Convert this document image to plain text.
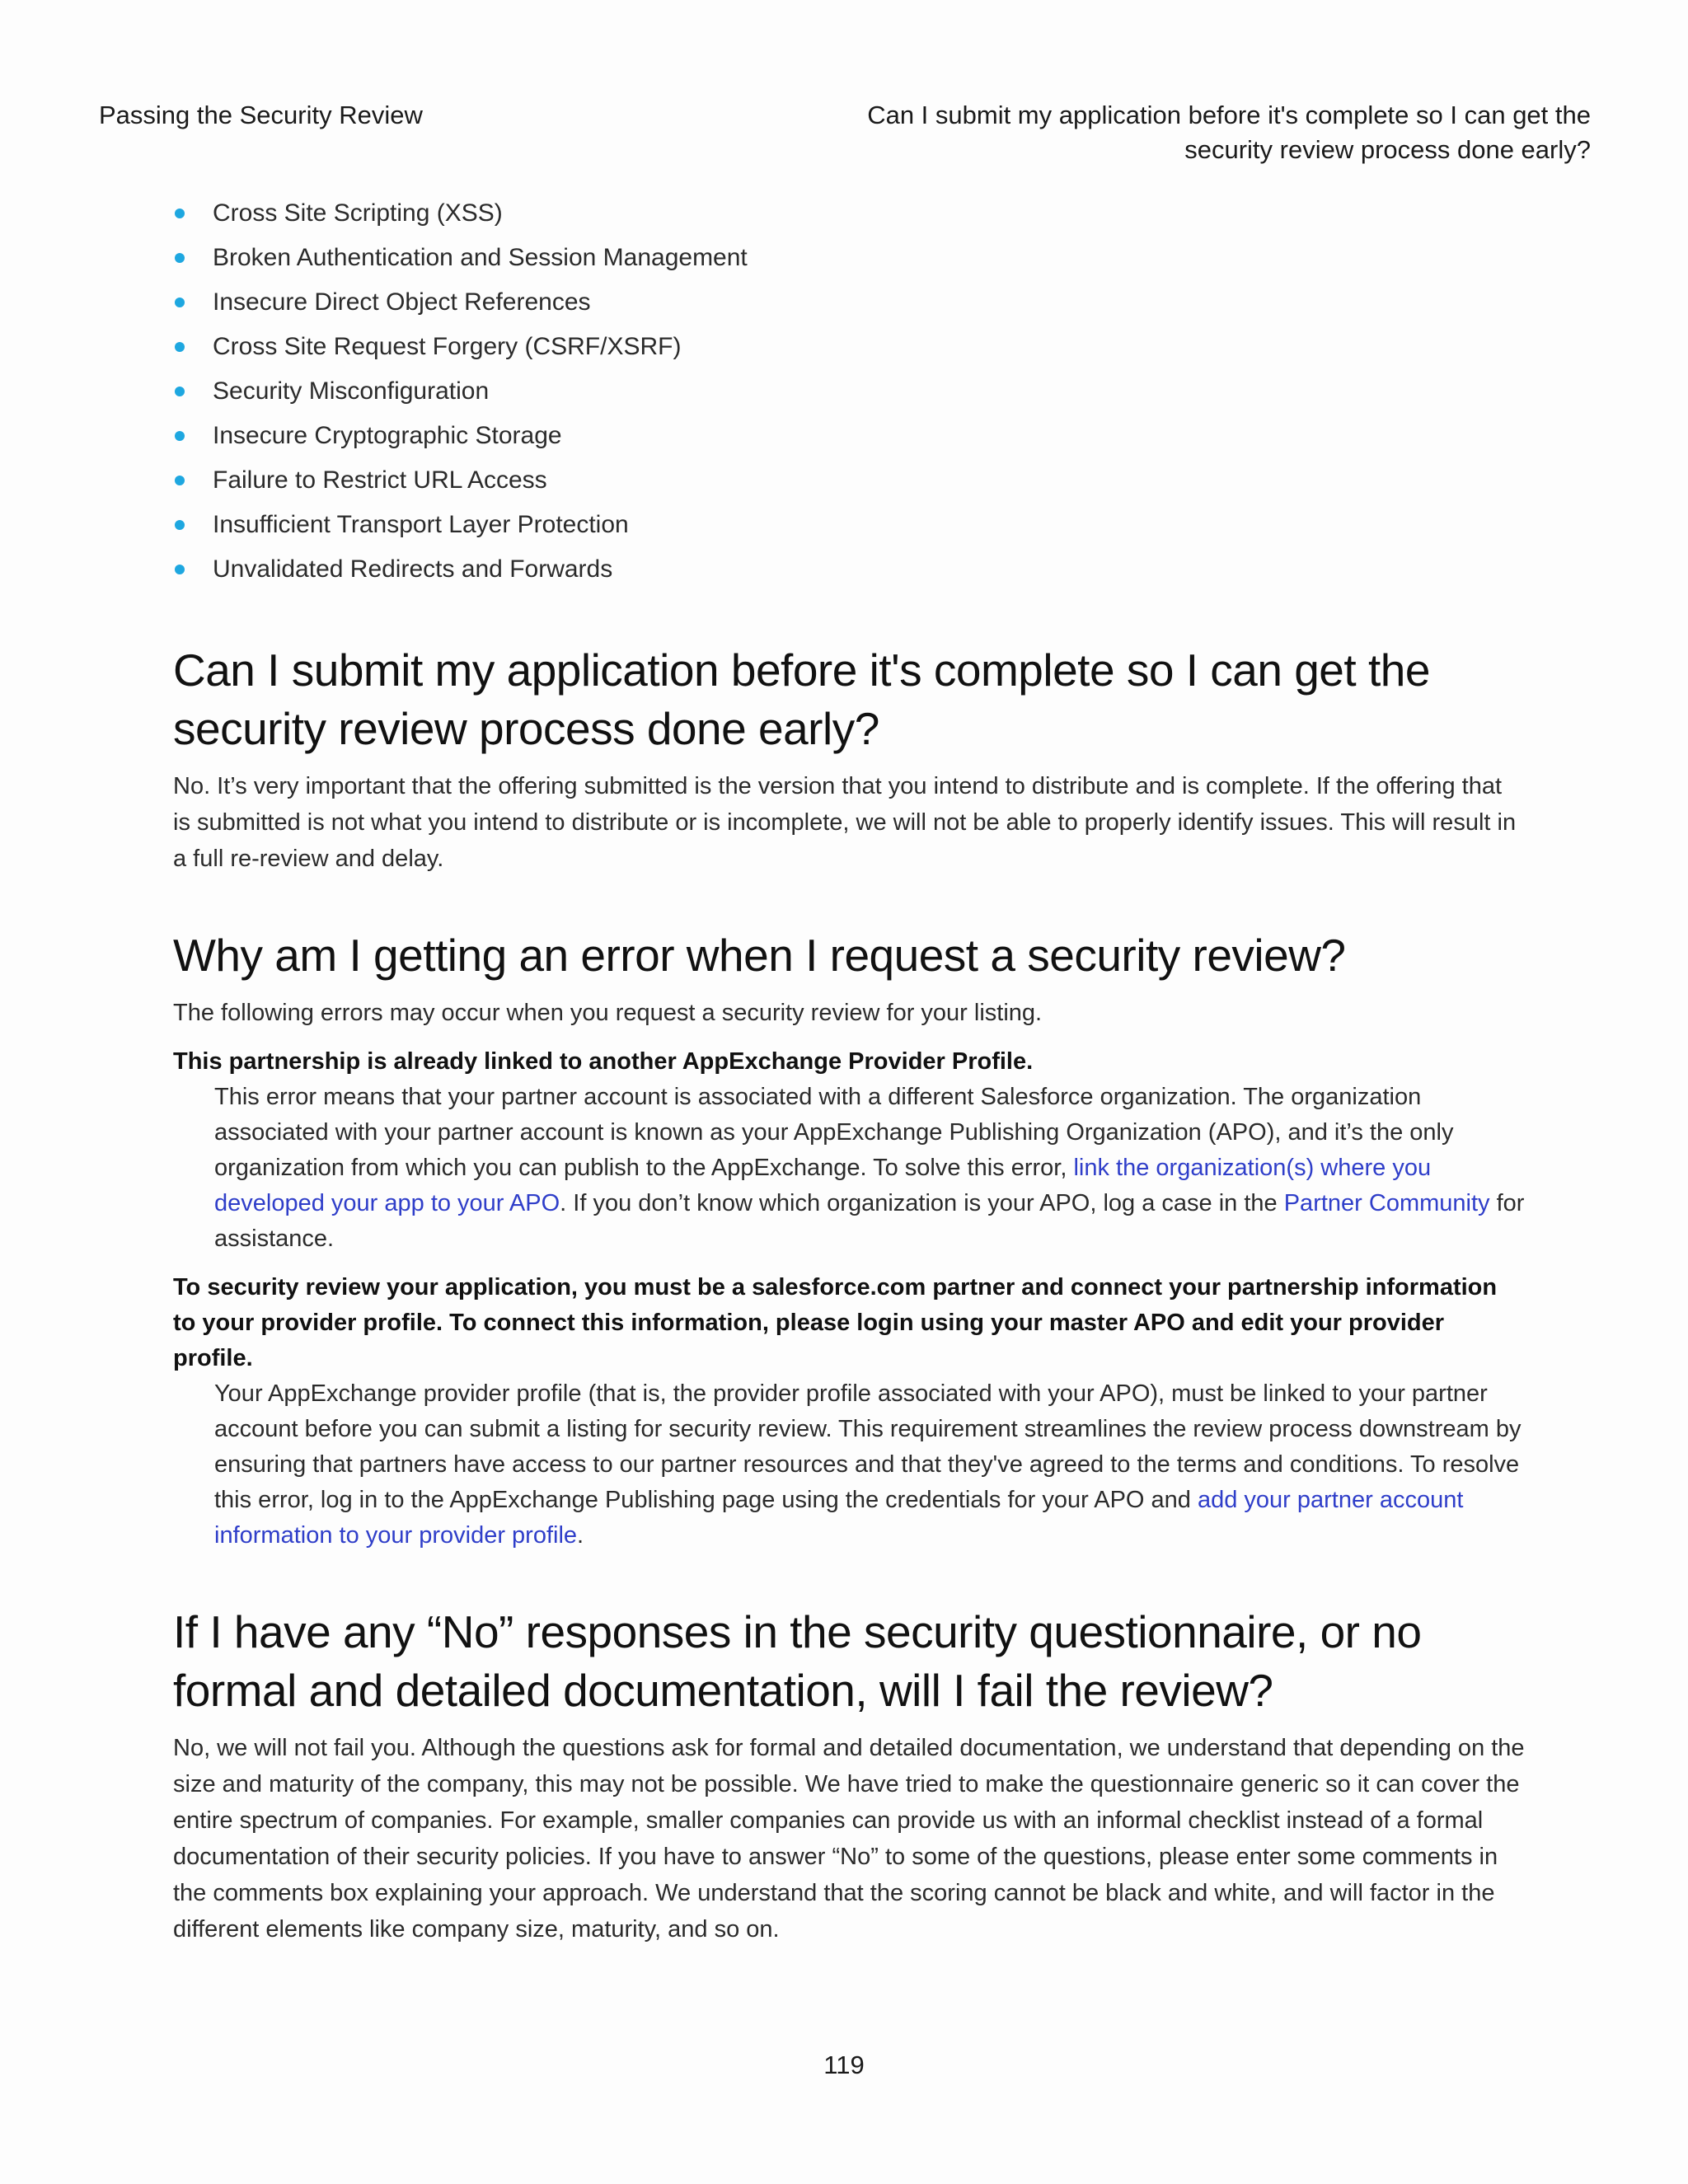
Passing the Security Review	Can I submit my application before it's complete so I can get the security review process done early?
Cross Site Scripting (XSS)
Broken Authentication and Session Management
Insecure Direct Object References
Cross Site Request Forgery (CSRF/XSRF)
Security Misconfiguration
Insecure Cryptographic Storage
Failure to Restrict URL Access
Insufficient Transport Layer Protection
Unvalidated Redirects and Forwards
Can I submit my application before it's complete so I can get the security review process done early?

No. It’s very important that the offering submitted is the version that you intend to distribute and is complete. If the offering that is submitted is not what you intend to distribute or is incomplete, we will not be able to properly identify issues. This will result in a full re-review and delay.

Why am I getting an error when I request a security review?

The following errors may occur when you request a security review for your listing.

This partnership is already linked to another AppExchange Provider Profile.
This error means that your partner account is associated with a different Salesforce organization. The organization associated with your partner account is known as your AppExchange Publishing Organization (APO), and it’s the only organization from which you can publish to the AppExchange. To solve this error, link the organization(s) where you developed your app to your APO. If you don’t know which organization is your APO, log a case in the Partner Community for assistance.
To security review your application, you must be a salesforce.com partner and connect your partnership information to your provider profile. To connect this information, please login using your master APO and edit your provider profile.
Your AppExchange provider profile (that is, the provider profile associated with your APO), must be linked to your partner account before you can submit a listing for security review. This requirement streamlines the review process downstream by ensuring that partners have access to our partner resources and that they've agreed to the terms and conditions. To resolve this error, log in to the AppExchange Publishing page using the credentials for your APO and add your partner account information to your provider profile.
If I have any “No” responses in the security questionnaire, or no formal and detailed documentation, will I fail the review?

No, we will not fail you. Although the questions ask for formal and detailed documentation, we understand that depending on the size and maturity of the company, this may not be possible. We have tried to make the questionnaire generic so it can cover the entire spectrum of companies. For example, smaller companies can provide us with an informal checklist instead of a formal documentation of their security policies. If you have to answer “No” to some of the questions, please enter some comments in the comments box explaining your approach. We understand that the scoring cannot be black and white, and will factor in the different elements like company size, maturity, and so on.

119
